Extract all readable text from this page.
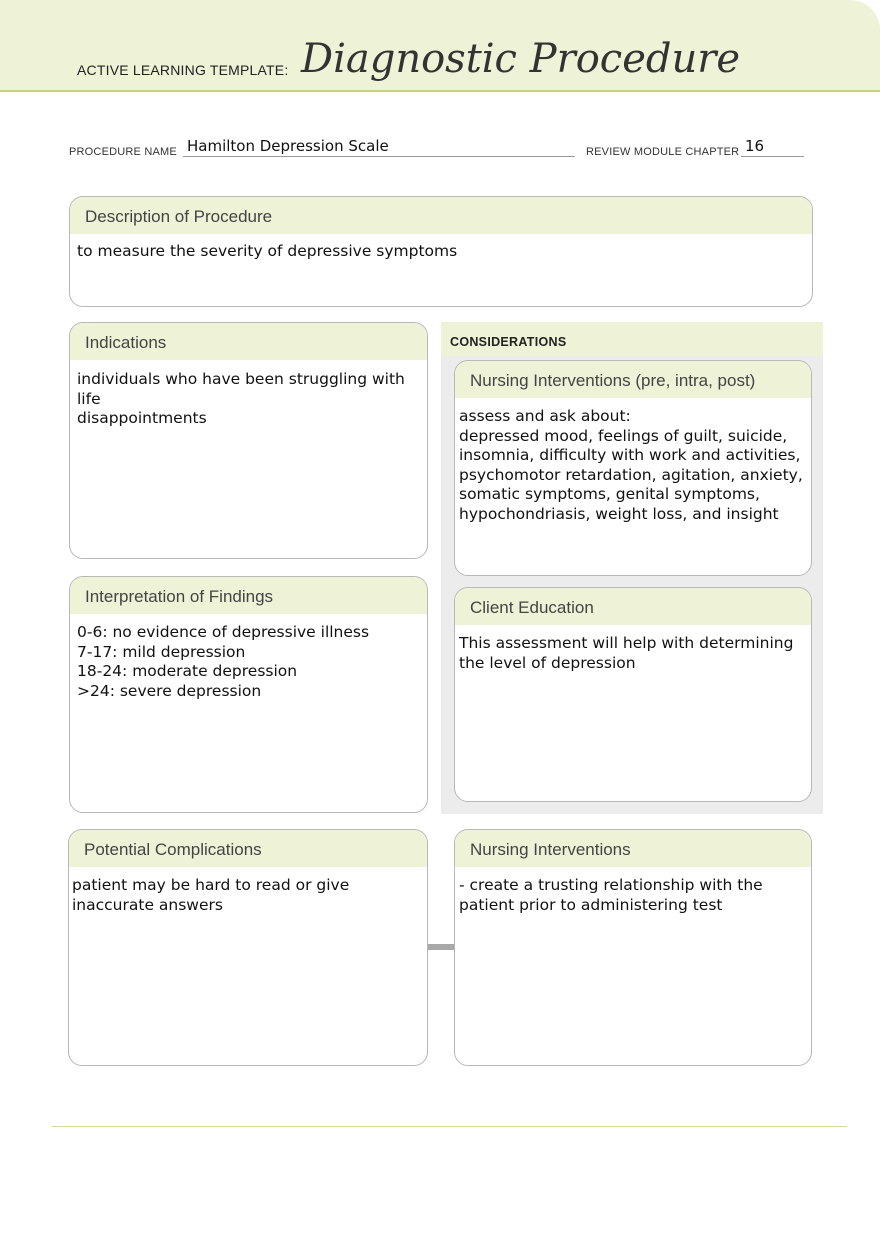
ACTIVE LEARNING TEMPLATE: Diagnostic Procedure
PROCEDURE NAME Hamilton Depression Scale	REVIEW MODULE CHAPTER 16
Description of Procedure
to measure the severity of depressive symptoms
Indications
individuals who have been struggling with life
disappointments
CONSIDERATIONS
Nursing Interventions (pre, intra, post)
assess and ask about:
depressed mood, feelings of guilt, suicide,
insomnia, difficulty with work and activities,
psychomotor retardation, agitation, anxiety,
somatic symptoms, genital symptoms,
hypochondriasis, weight loss, and insight
Client Education
This assessment will help with determining
the level of depression
Interpretation of Findings
0-6: no evidence of depressive illness
7-17: mild depression
18-24: moderate depression
>24: severe depression
Potential Complications
patient may be hard to read or give
inaccurate answers
Nursing Interventions
- create a trusting relationship with the
patient prior to administering test
